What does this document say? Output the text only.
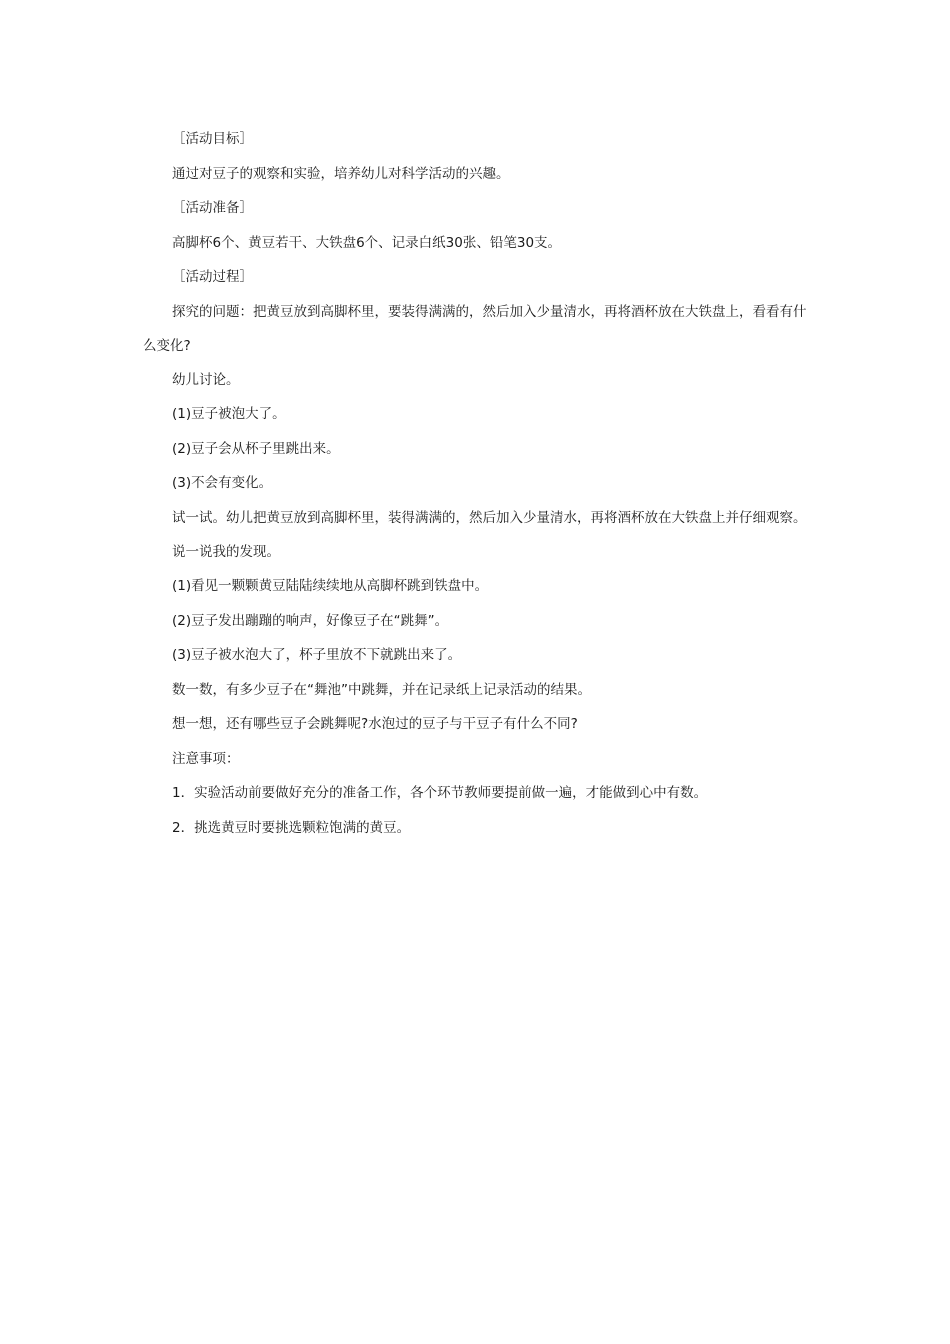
［活动目标］

通过对豆子的观察和实验，培养幼儿对科学活动的兴趣。

［活动准备］

高脚杯6个、黄豆若干、大铁盘6个、记录白纸30张、铅笔30支。

［活动过程］

探究的问题：把黄豆放到高脚杯里，要装得满满的，然后加入少量清水，再将酒杯放在大铁盘上，看看有什么变化?

幼儿讨论。

(1)豆子被泡大了。

(2)豆子会从杯子里跳出来。

(3)不会有变化。

试一试。幼儿把黄豆放到高脚杯里，装得满满的，然后加入少量清水，再将酒杯放在大铁盘上并仔细观察。

说一说我的发现。

(1)看见一颗颗黄豆陆陆续续地从高脚杯跳到铁盘中。

(2)豆子发出蹦蹦的响声，好像豆子在“跳舞”。

(3)豆子被水泡大了，杯子里放不下就跳出来了。

数一数，有多少豆子在“舞池”中跳舞，并在记录纸上记录活动的结果。

想一想，还有哪些豆子会跳舞呢?水泡过的豆子与干豆子有什么不同?

注意事项：

1．实验活动前要做好充分的准备工作，各个环节教师要提前做一遍，才能做到心中有数。

2．挑选黄豆时要挑选颗粒饱满的黄豆。
